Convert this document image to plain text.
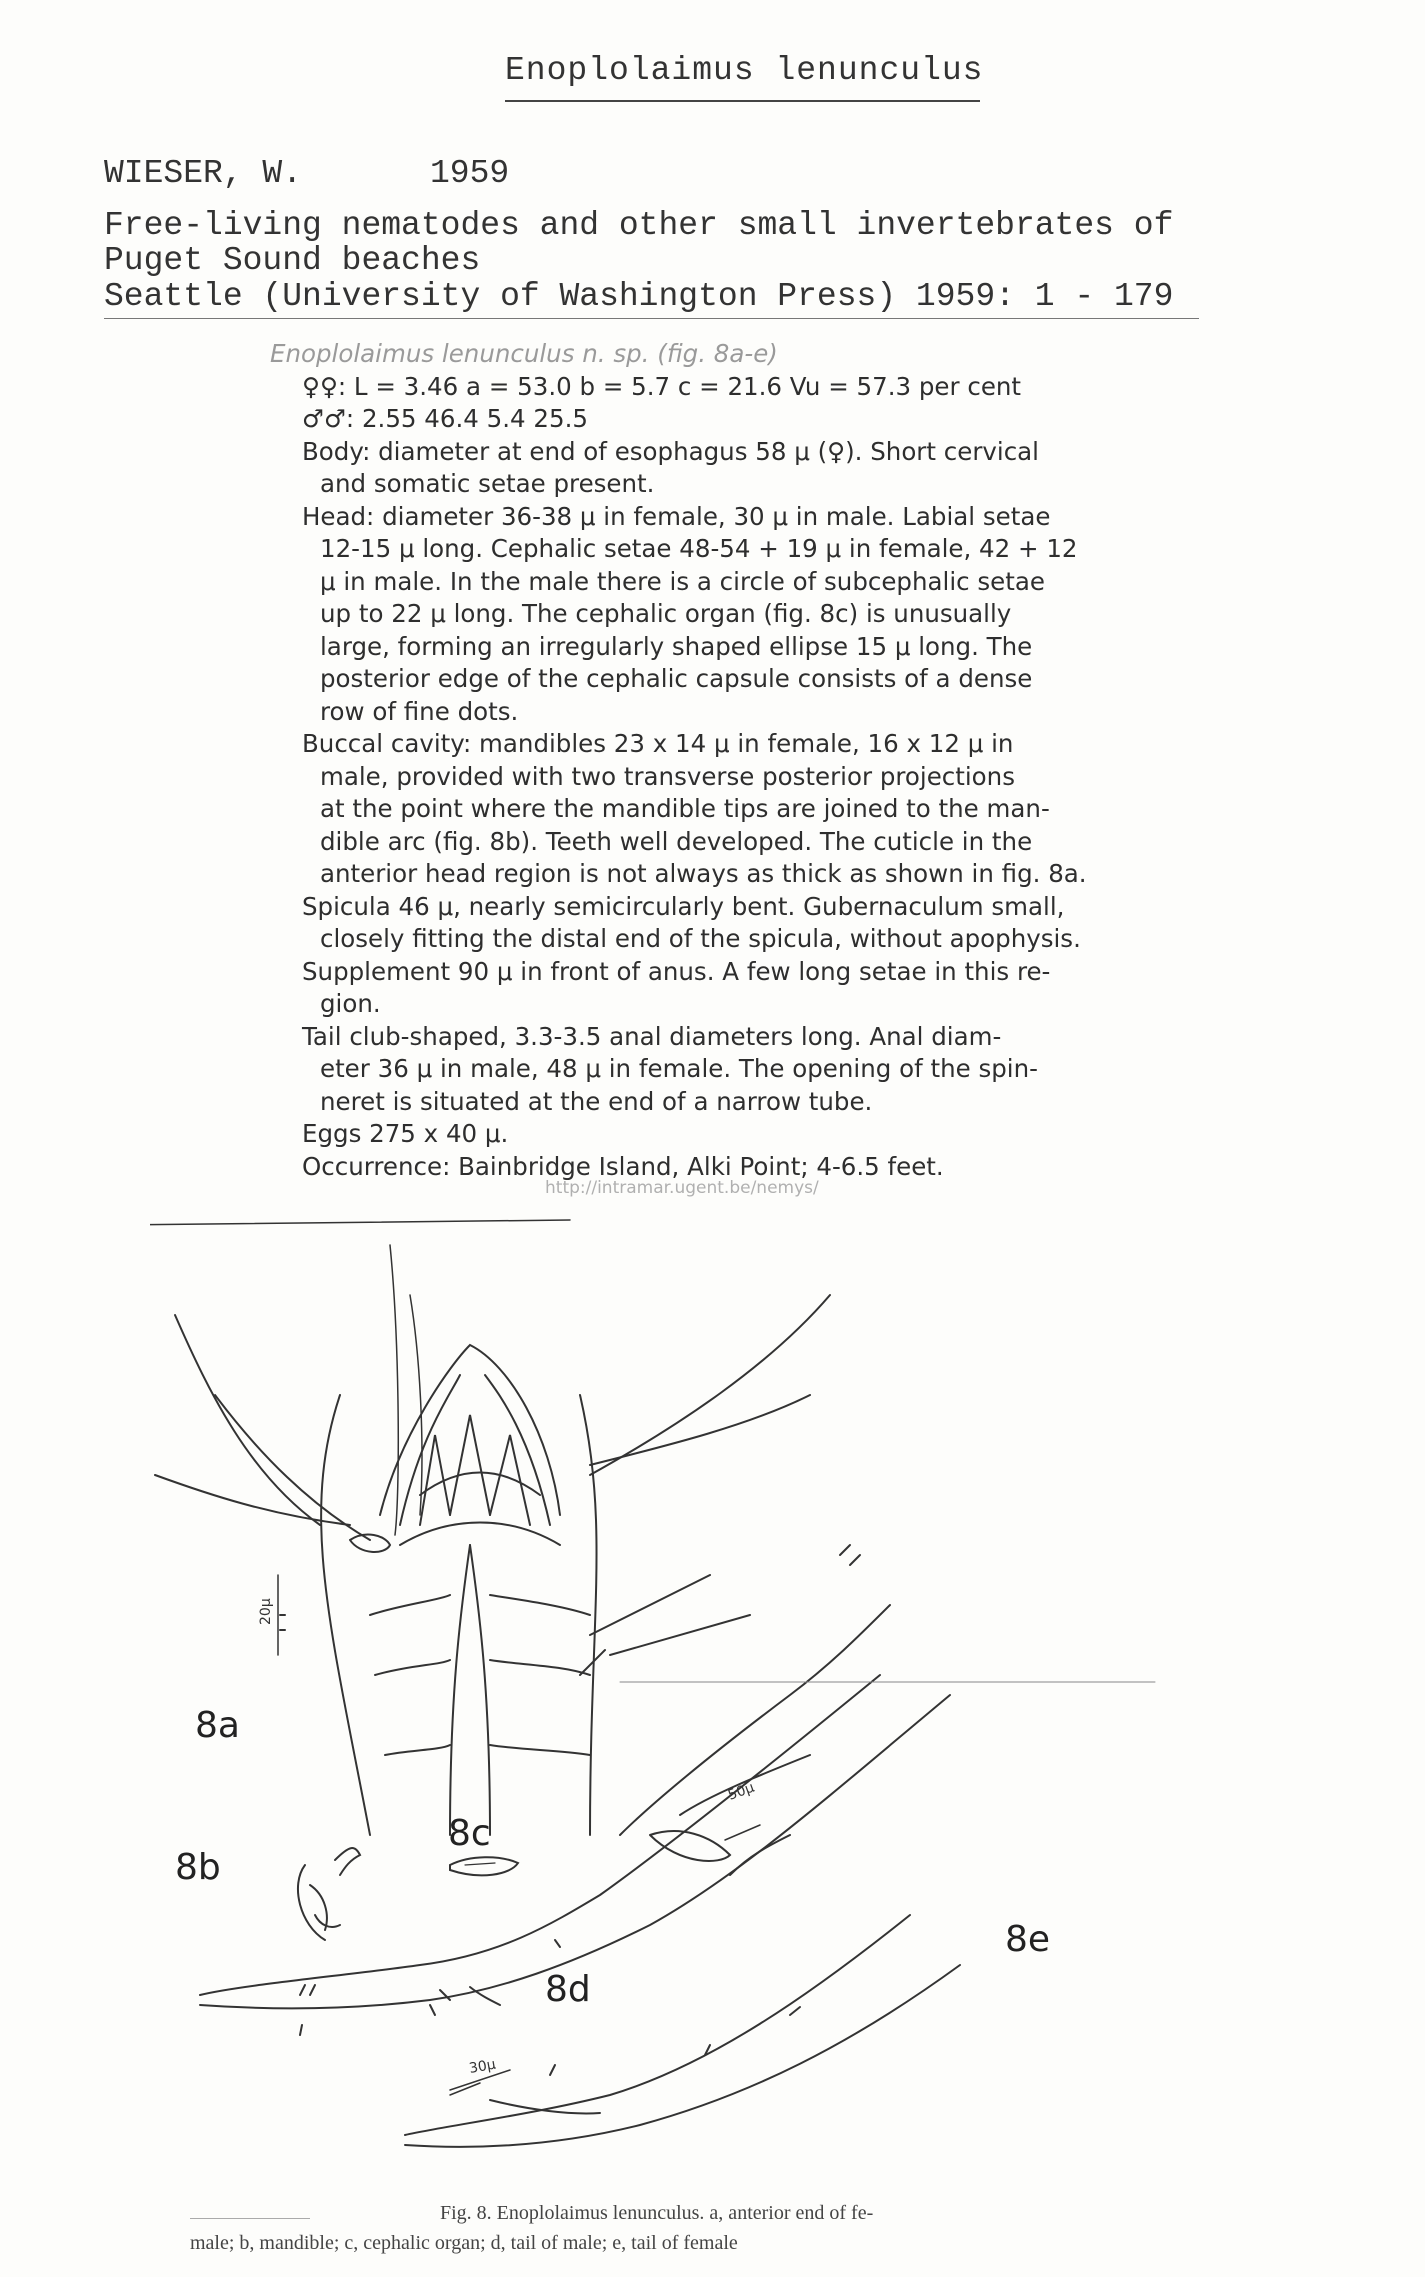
Enoplolaimus lenunculus
WIESER, W.	1959
Free-living nematodes and other small invertebrates of
Puget Sound beaches
Seattle (University of Washington Press) 1959: 1 - 179
Enoplolaimus lenunculus n. sp. (fig. 8a-e)
♀♀: L = 3.46 a = 53.0 b = 5.7 c = 21.6 Vu = 57.3 per cent
♂♂: 2.55 46.4 5.4 25.5
Body: diameter at end of esophagus 58 μ (♀). Short cervical
and somatic setae present.
Head: diameter 36-38 μ in female, 30 μ in male. Labial setae
12-15 μ long. Cephalic setae 48-54 + 19 μ in female, 42 + 12
μ in male. In the male there is a circle of subcephalic setae
up to 22 μ long. The cephalic organ (fig. 8c) is unusually
large, forming an irregularly shaped ellipse 15 μ long. The
posterior edge of the cephalic capsule consists of a dense
row of fine dots.
Buccal cavity: mandibles 23 x 14 μ in female, 16 x 12 μ in
male, provided with two transverse posterior projections
at the point where the mandible tips are joined to the man-
dible arc (fig. 8b). Teeth well developed. The cuticle in the
anterior head region is not always as thick as shown in fig. 8a.
Spicula 46 μ, nearly semicircularly bent. Gubernaculum small,
closely fitting the distal end of the spicula, without apophysis.
Supplement 90 μ in front of anus. A few long setae in this re-
gion.
Tail club-shaped, 3.3-3.5 anal diameters long. Anal diam-
eter 36 μ in male, 48 μ in female. The opening of the spin-
neret is situated at the end of a narrow tube.
Eggs 275 x 40 μ.
Occurrence: Bainbridge Island, Alki Point; 4-6.5 feet.
http://intramar.ugent.be/nemys/
8a
8b
8c
8d
8e
20μ
50μ
30μ
Fig. 8. Enoplolaimus lenunculus. a, anterior end of fe-
male; b, mandible; c, cephalic organ; d, tail of male; e, tail of female
